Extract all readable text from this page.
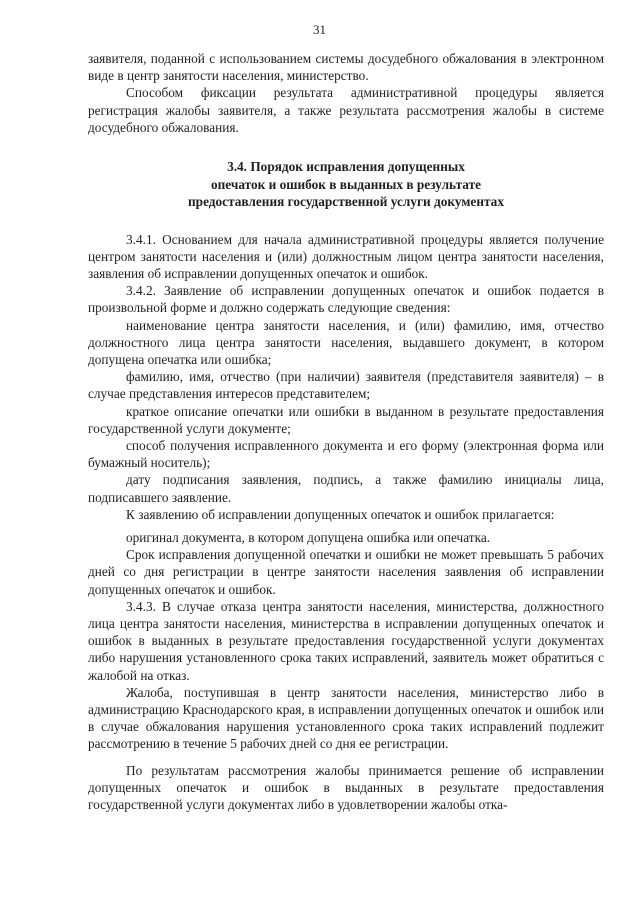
31

заявителя, поданной с использованием системы досудебного обжалования в электронном виде в центр занятости населения, министерство.

Способом фиксации результата административной процедуры является регистрация жалобы заявителя, а также результата рассмотрения жалобы в системе досудебного обжалования.

3.4. Порядок исправления допущенных
опечаток и ошибок в выданных в результате
предоставления государственной услуги документах

3.4.1. Основанием для начала административной процедуры является получение центром занятости населения и (или) должностным лицом центра занятости населения, заявления об исправлении допущенных опечаток и ошибок.

3.4.2. Заявление об исправлении допущенных опечаток и ошибок подается в произвольной форме и должно содержать следующие сведения:

наименование центра занятости населения, и (или) фамилию, имя, отчество должностного лица центра занятости населения, выдавшего документ, в котором допущена опечатка или ошибка;

фамилию, имя, отчество (при наличии) заявителя (представителя заявителя) – в случае представления интересов представителем;

краткое описание опечатки или ошибки в выданном в результате предоставления государственной услуги документе;

способ получения исправленного документа и его форму (электронная форма или бумажный носитель);

дату подписания заявления, подпись, а также фамилию инициалы лица, подписавшего заявление.

К заявлению об исправлении допущенных опечаток и ошибок прилагается:

оригинал документа, в котором допущена ошибка или опечатка.

Срок исправления допущенной опечатки и ошибки не может превышать 5 рабочих дней со дня регистрации в центре занятости населения заявления об исправлении допущенных опечаток и ошибок.

3.4.3. В случае отказа центра занятости населения, министерства, должностного лица центра занятости населения, министерства в исправлении допущенных опечаток и ошибок в выданных в результате предоставления государственной услуги документах либо нарушения установленного срока таких исправлений, заявитель может обратиться с жалобой на отказ.

Жалоба, поступившая в центр занятости населения, министерство либо в администрацию Краснодарского края, в исправлении допущенных опечаток и ошибок или в случае обжалования нарушения установленного срока таких исправлений подлежит рассмотрению в течение 5 рабочих дней со дня ее регистрации.

По результатам рассмотрения жалобы принимается решение об исправлении допущенных опечаток и ошибок в выданных в результате предоставления государственной услуги документах либо в удовлетворении жалобы отка-
